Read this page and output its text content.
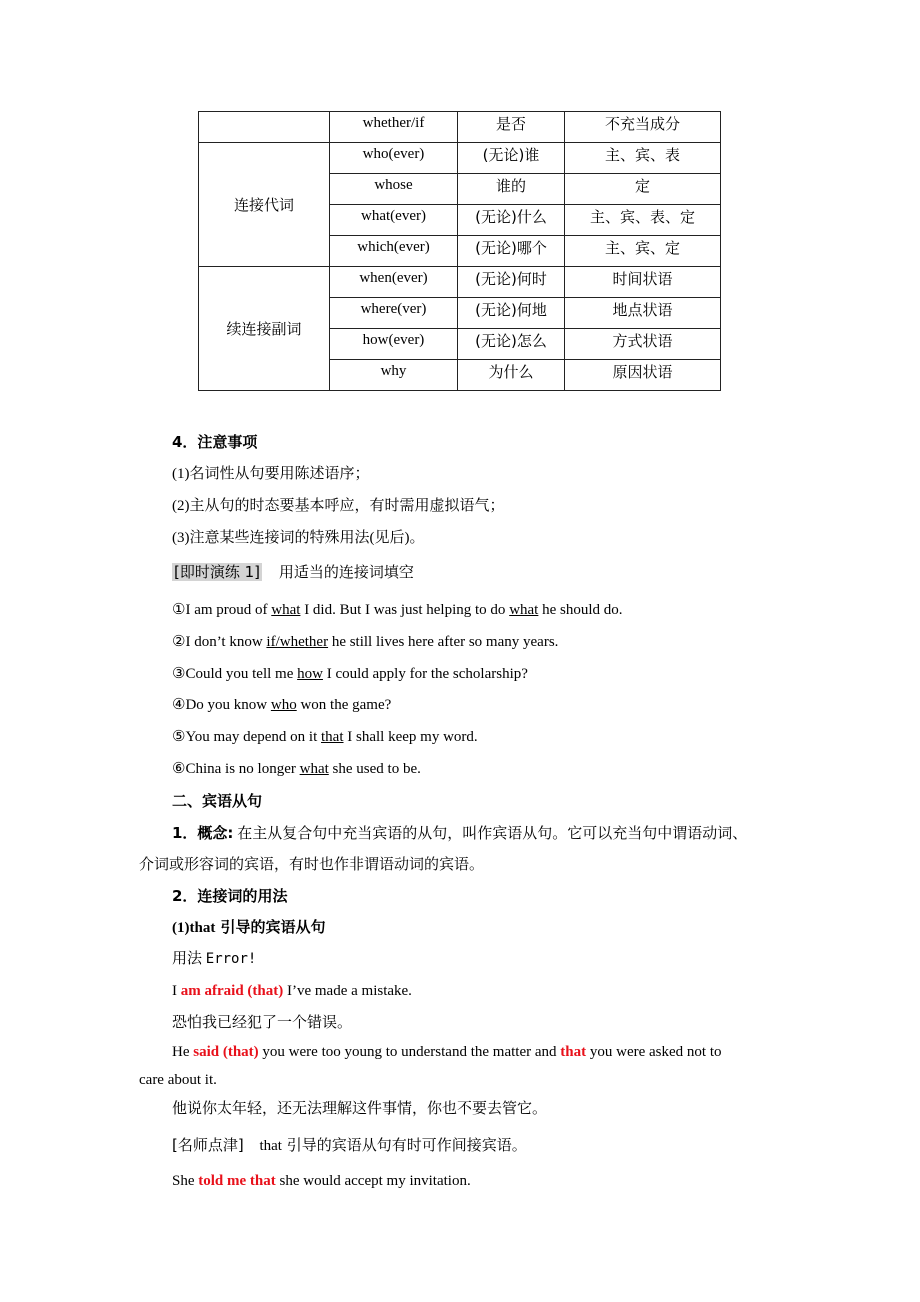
	whether/if	是否	不充当成分
连接代词	who(ever)	(无论)谁	主、宾、表
	whose	谁的	定
	what(ever)	(无论)什么	主、宾、表、定
	which(ever)	(无论)哪个	主、宾、定
续连接副词	when(ever)	(无论)何时	时间状语
	where(ver)	(无论)何地	地点状语
	how(ever)	(无论)怎么	方式状语
	why	为什么	原因状语
4．注意事项
(1)名词性从句要用陈述语序；
(2)主从句的时态要基本呼应，有时需用虚拟语气；
(3)注意某些连接词的特殊用法(见后)。
[即时演练 1] 用适当的连接词填空
①I am proud of what I did. But I was just helping to do what he should do.
②I don’t know if/whether he still lives here after so many years.
③Could you tell me how I could apply for the scholarship?
④Do you know who won the game?
⑤You may depend on it that I shall keep my word.
⑥China is no longer what she used to be.
二、宾语从句
1．概念: 在主从复合句中充当宾语的从句，叫作宾语从句。它可以充当句中谓语动词、
介词或形容词的宾语，有时也作非谓语动词的宾语。
2．连接词的用法
(1)that 引导的宾语从句
用法 Error!
I am afraid (that) I’ve made a mistake.
恐怕我已经犯了一个错误。
He said (that) you were too young to understand the matter and that you were asked not to
care about it.
他说你太年轻，还无法理解这件事情，你也不要去管它。
[名师点津] that 引导的宾语从句有时可作间接宾语。
She told me that she would accept my invitation.
